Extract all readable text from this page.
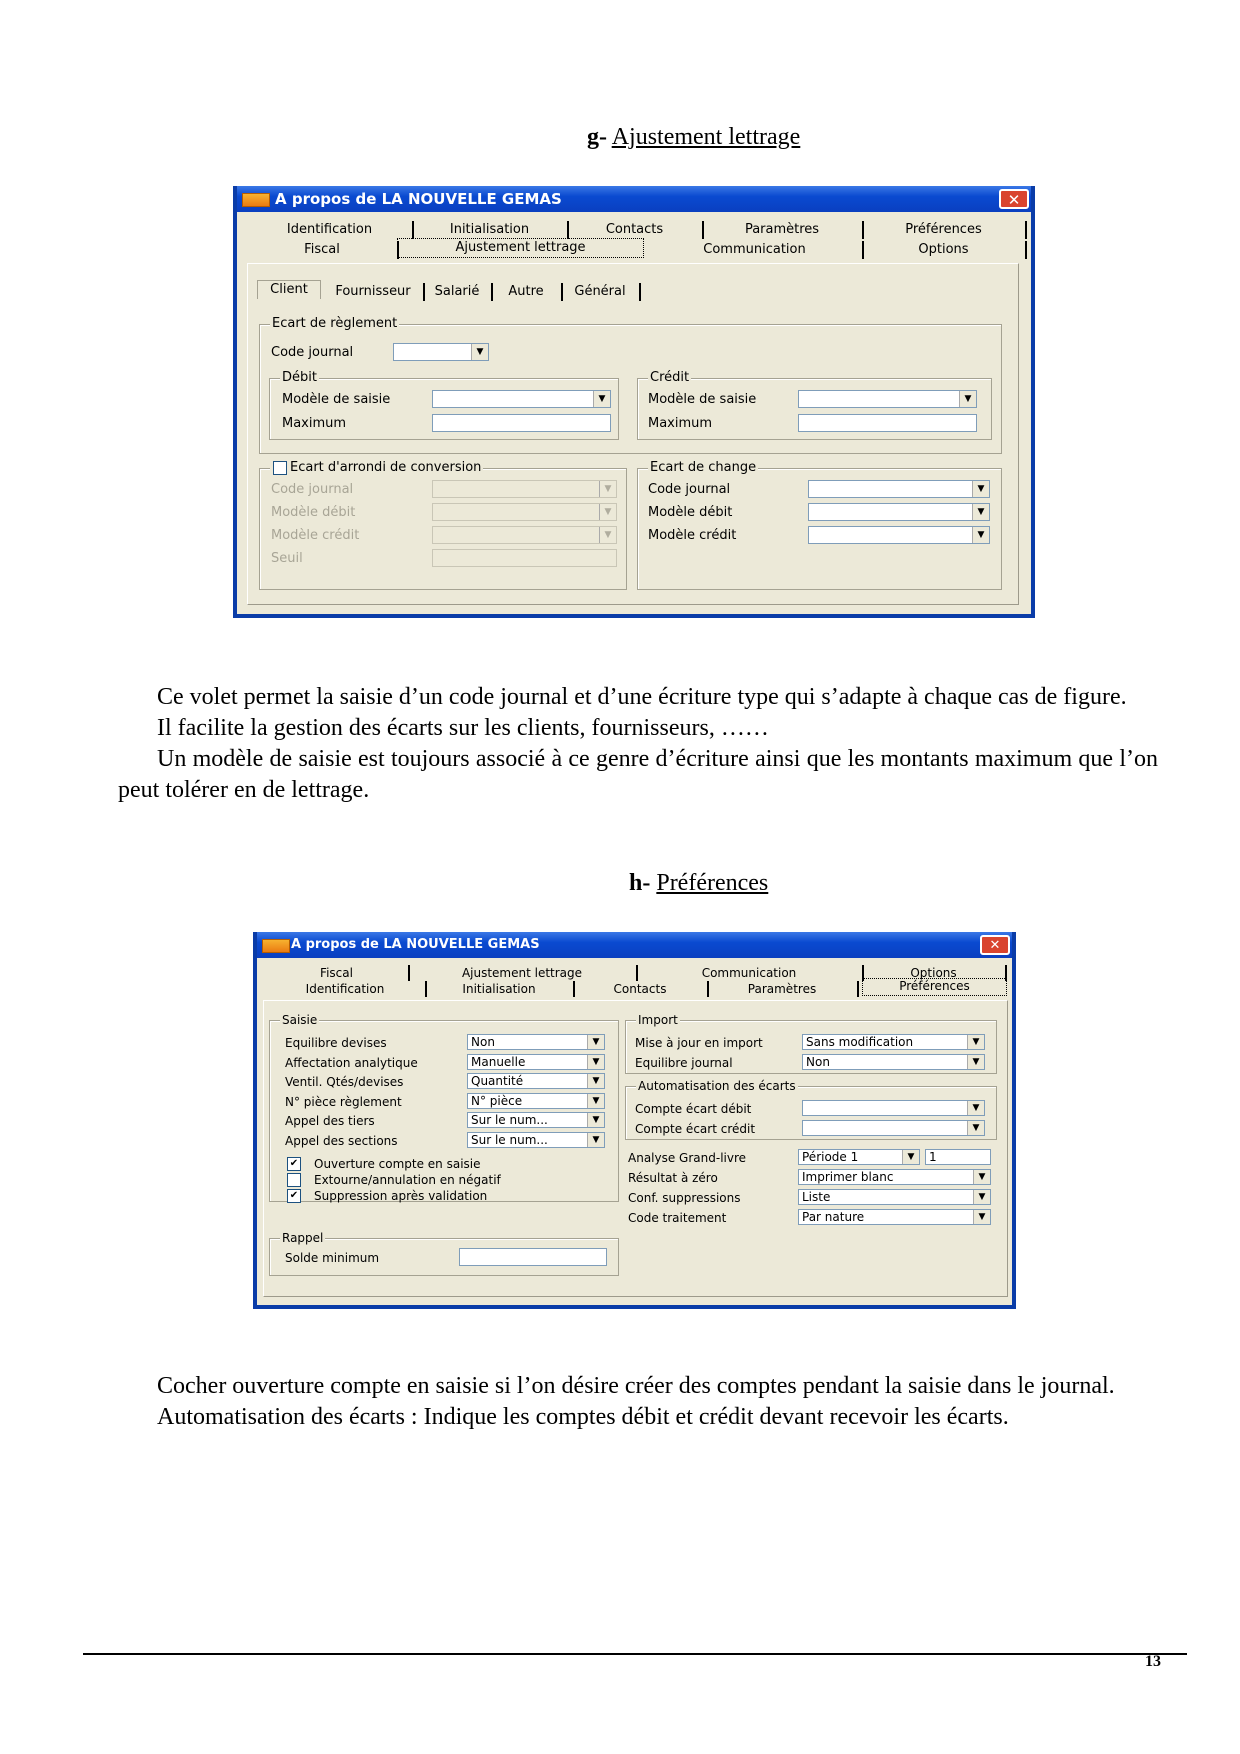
g- Ajustement lettrage
A propos de LA NOUVELLE GEMAS	✕
Identification	Initialisation	Contacts	Paramètres	Préférences
Fiscal	Ajustement lettrage	Communication	Options
Client	Fournisseur	Salarié	Autre	Général
Ecart de règlement
Code journal	▼
Débit
Modèle de saisie	▼
Maximum
Crédit
Modèle de saisie	▼
Maximum
Ecart d'arrondi de conversion
Code journal	▼
Modèle débit	▼
Modèle crédit	▼
Seuil
Ecart de change
Code journal	▼
Modèle débit	▼
Modèle crédit	▼

Ce volet permet la saisie d’un code journal et d’une écriture type qui s’adapte à chaque cas de figure.

Il facilite la gestion des écarts sur les clients, fournisseurs, ……

Un modèle de saisie est toujours associé à ce genre d’écriture ainsi que les montants maximum que l’on peut tolérer en de lettrage.

h- Préférences
A propos de LA NOUVELLE GEMAS	✕
Fiscal	Ajustement lettrage	Communication	Options
Identification	Initialisation	Contacts	Paramètres	Préférences
Saisie
Equilibre devises	Non	▼
Affectation analytique	Manuelle	▼
Ventil. Qtés/devises	Quantité	▼
N° pièce règlement	N° pièce	▼
Appel des tiers	Sur le num...	▼
Appel des sections	Sur le num...	▼
✔ Ouverture compte en saisie
Extourne/annulation en négatif
✔ Suppression après validation
Rappel
Solde minimum
Import
Mise à jour en import	Sans modification	▼
Equilibre journal	Non	▼
Automatisation des écarts
Compte écart débit	▼
Compte écart crédit	▼
Analyse Grand-livre	Période 1	▼	1
Résultat à zéro	Imprimer blanc	▼
Conf. suppressions	Liste	▼
Code traitement	Par nature	▼

Cocher ouverture compte en saisie si l’on désire créer des comptes pendant la saisie dans le journal.

Automatisation des écarts : Indique les comptes débit et crédit devant recevoir les écarts.

13
